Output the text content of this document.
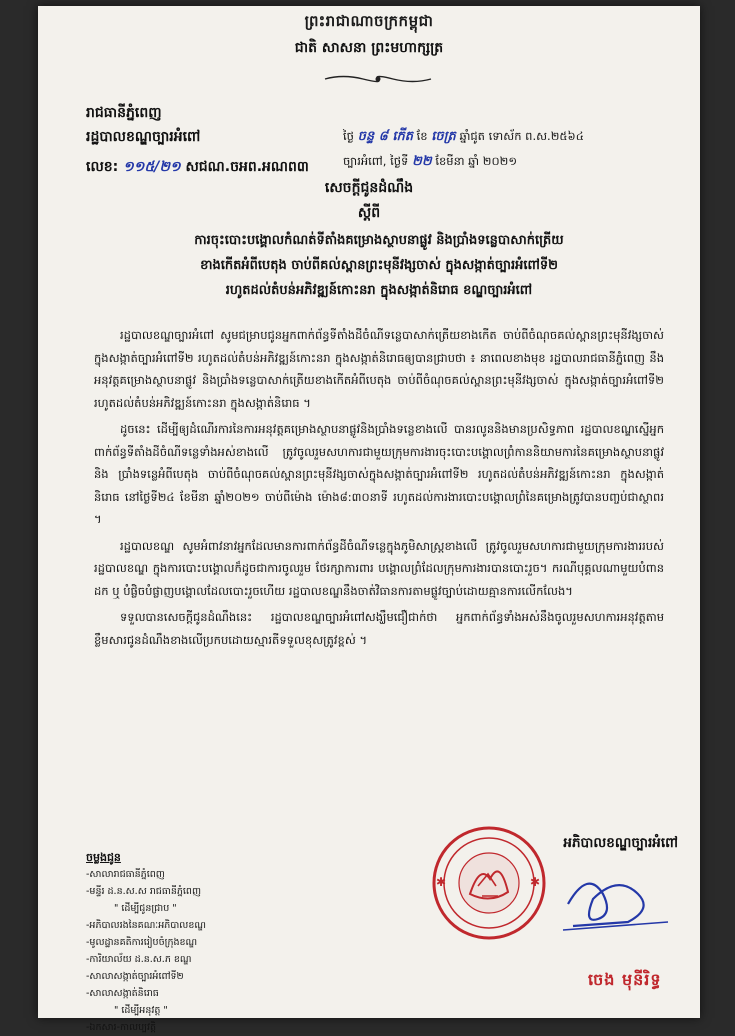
ព្រះរាជាណាចក្រកម្ពុជា
ជាតិ សាសនា ព្រះមហាក្សត្រ
រាជធានីភ្នំពេញ
រដ្ឋបាលខណ្ឌច្បារអំពៅ
លេខ: ១១៥/២១ សជណ.ចអព.អណព៣
ថ្ងៃ ចន្ទ ៨ កើត ខែ ចេត្រ ឆ្នាំជូត ទោស័ក ព.ស.២៥៦៤
ច្បារអំពៅ, ថ្ងៃទី ២២ ខែមីនា ឆ្នាំ ២០២១
សេចក្តីជូនដំណឹង
ស្តីពី
ការចុះបោះបង្គោលកំណត់ទីតាំងគម្រោងស្ថាបនាផ្លូវ និងប្រាំងទន្លេបាសាក់ត្រើយ
ខាងកើតអំពីបេតុង ចាប់ពីគល់ស្ពានព្រះមុនីវង្សចាស់ ក្នុងសង្កាត់ច្បារអំពៅទី២
រហូតដល់តំបន់អភិវឌ្ឍន៍កោះនរា ក្នុងសង្កាត់និរោធ ខណ្ឌច្បារអំពៅ

រដ្ឋបាលខណ្ឌច្បារអំពៅ សូមជម្រាបជូនអ្នកពាក់ព័ន្ធទីតាំងដីចំណីទន្លេបាសាក់ត្រើយខាងកើត ចាប់ពីចំណុចគល់ស្ពានព្រះមុនីវង្សចាស់ក្នុងសង្កាត់ច្បារអំពៅទី២ រហូតដល់តំបន់អភិវឌ្ឍន៍កោះនរា ក្នុងសង្កាត់និរោធឲ្យបានជ្រាបថា ៖ នាពេលខាងមុខ រដ្ឋបាលរាជធានីភ្នំពេញ នឹងអនុវត្តគម្រោងស្ថាបនាផ្លូវ និងប្រាំងទន្លេបាសាក់ត្រើយខាងកើតអំពីបេតុង ចាប់ពីចំណុចគល់ស្ពានព្រះមុនីវង្សចាស់ ក្នុងសង្កាត់ច្បារអំពៅទី២ រហូតដល់តំបន់អភិវឌ្ឍន៍កោះនរា ក្នុងសង្កាត់និរោធ ។

ដូចនេះ ដើម្បីឲ្យដំណើរការនៃការអនុវត្តគម្រោងស្ថាបនាផ្លូវនិងប្រាំងទន្លេខាងលើ បានរលូននិងមានប្រសិទ្ធភាព រដ្ឋបាលខណ្ឌស្នើអ្នកពាក់ព័ន្ធទីតាំងដីចំណីទន្លេទាំងអស់ខាងលើ ត្រូវចូលរួមសហការជាមួយក្រុមការងារចុះបោះបង្គោលព្រំកាននិយាមការនៃគម្រោងស្ថាបនាផ្លូវ និង ប្រាំងទន្លេអំពីបេតុង ចាប់ពីចំណុចគល់ស្ពានព្រះមុនីវង្សចាស់ក្នុងសង្កាត់ច្បារអំពៅទី២ រហូតដល់តំបន់អភិវឌ្ឍន៍កោះនរា ក្នុងសង្កាត់និរោធ នៅថ្ងៃទី២៤ ខែមីនា ឆ្នាំ២០២១ ចាប់ពីម៉ោង ម៉ោង៨:៣០នាទី រហូតដល់ការងារបោះបង្គោលព្រំនៃគម្រោងត្រូវបានបញ្ចប់ជាស្ថាពរ ។

រដ្ឋបាលខណ្ឌ សូមអំពាវនាវអ្នកដែលមានការពាក់ព័ន្ធដីចំណីទន្លេក្នុងភូមិសាស្ត្រខាងលើ ត្រូវចូលរួមសហការជាមួយក្រុមការងាររបស់រដ្ឋបាលខណ្ឌ ក្នុងការបោះបង្គោលក៏ដូចជាការចូលរួម ថែរក្សាការពារ បង្គោលព្រំដែលក្រុមការងារបានបោះរួច។ ករណីបុគ្គលណាមួយបំពានដក ឬ បំផ្លិចបំផ្លាញបង្គោលដែលបោះរួចហើយ រដ្ឋបាលខណ្ឌនឹងចាត់វិធានការតាមផ្លូវច្បាប់ដោយគ្មានការលើកលែង។

ទទួលបានសេចក្តីជូនដំណឹងនេះ រដ្ឋបាលខណ្ឌច្បារអំពៅសង្ឃឹមជឿជាក់ថា អ្នកពាក់ព័ន្ធទាំងអស់នឹងចូលរួមសហការអនុវត្តតាមខ្លឹមសារជូនដំណឹងខាងលើប្រកបដោយស្មារតីទទួលខុសត្រូវខ្ពស់ ។

ចម្លងជូន
-សាលារាជធានីភ្នំពេញ
-មន្ទីរ ដ.ន.ស.ស រាជធានីភ្នំពេញ
" ដើម្បីជូនជ្រាប "
-អភិបាលរងនៃគណៈអភិបាលខណ្ឌ
-មូលដ្ឋានគតិការរៀបចំក្រុងខណ្ឌ
-ការិយាល័យ ដ.ន.ស.ភ ខណ្ឌ
-សាលាសង្កាត់ច្បារអំពៅទី២
-សាលាសង្កាត់និរោធ
" ដើម្បីអនុវត្ត "
-ឯកសារ-កាលប្បវត្តិ
អភិបាលខណ្ឌច្បារអំពៅ
✱	✱
ចេង មុនីរិទ្ធ
